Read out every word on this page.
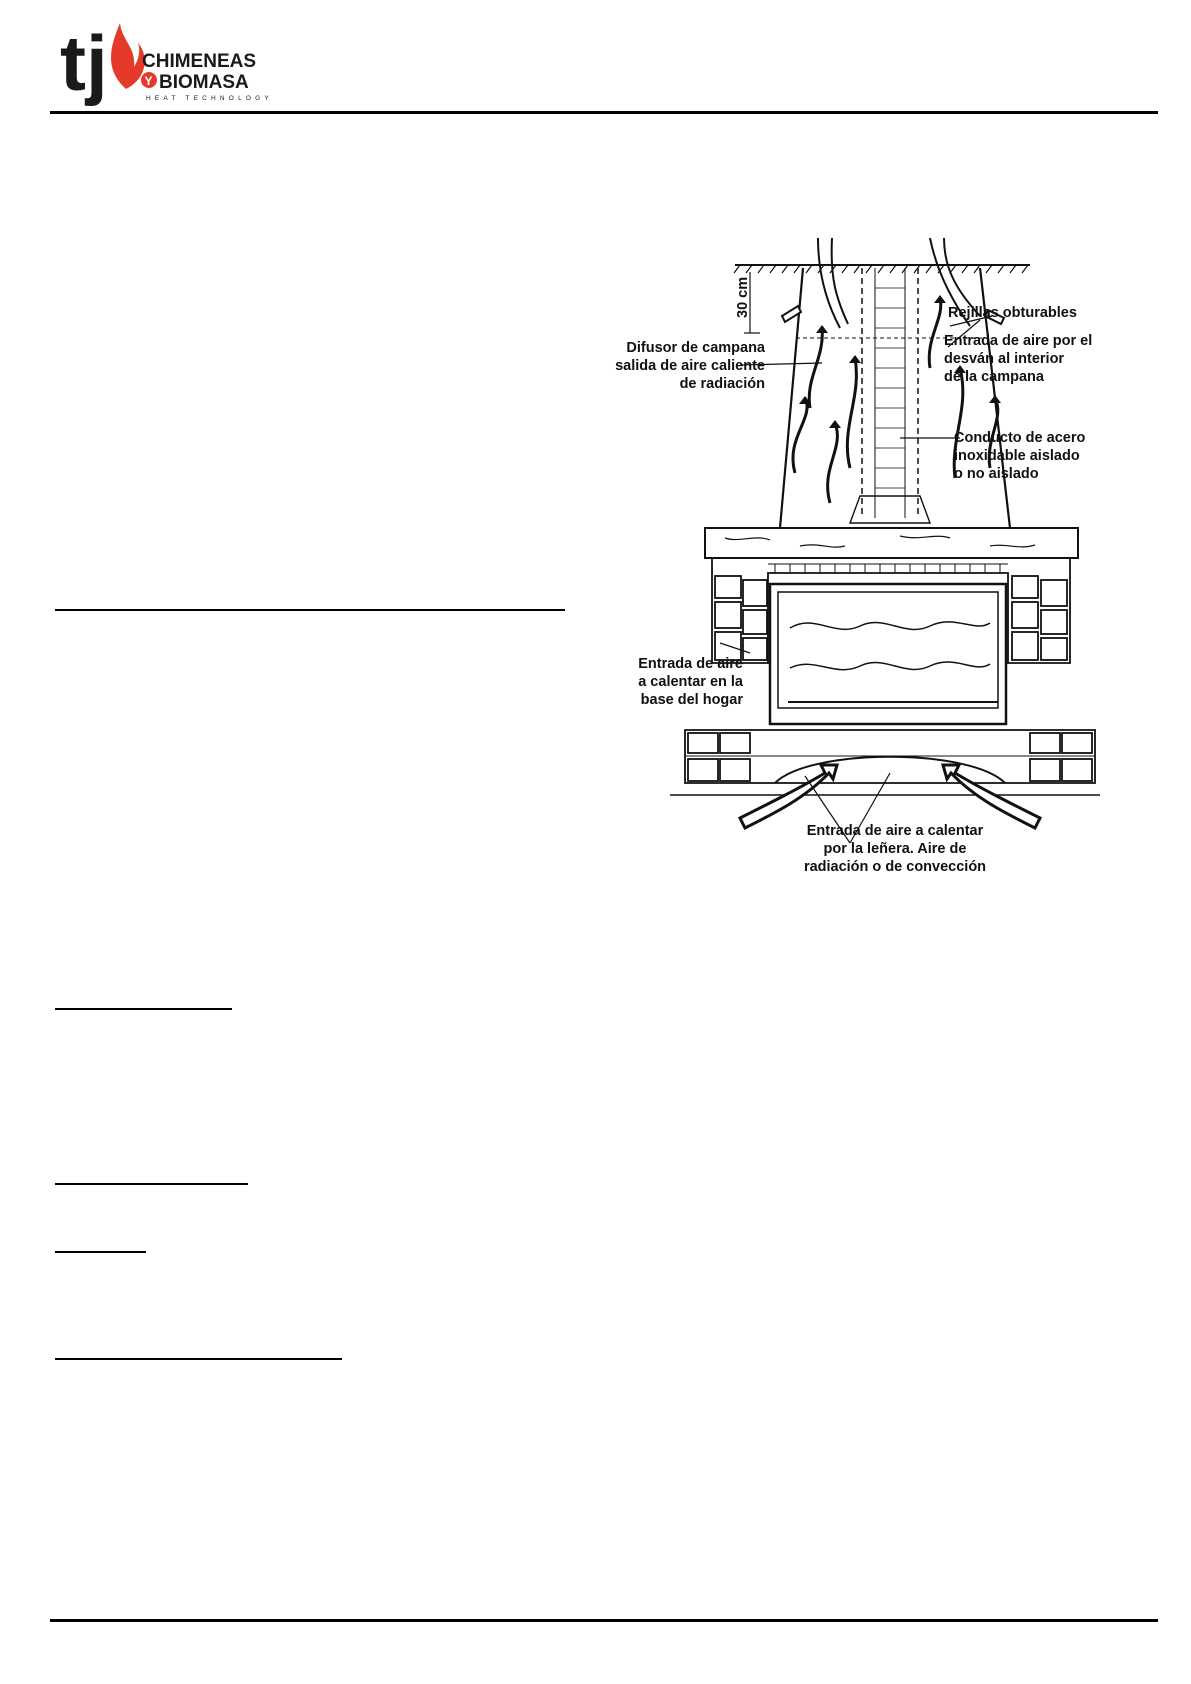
tj CHIMENEAS
Y BIOMASA
HEAT TECHNOLOGY
30 cm	Rejillas obturables
Entrada de aire por el
desván al interior
de la campana
Difusor de campana
salida de aire caliente
de radiación
Conducto de acero
inoxidable aislado
o no aislado
Entrada de aire
a calentar en la
base del hogar
Entrada de aire a calentar
por la leñera. Aire de
radiación o de convección
